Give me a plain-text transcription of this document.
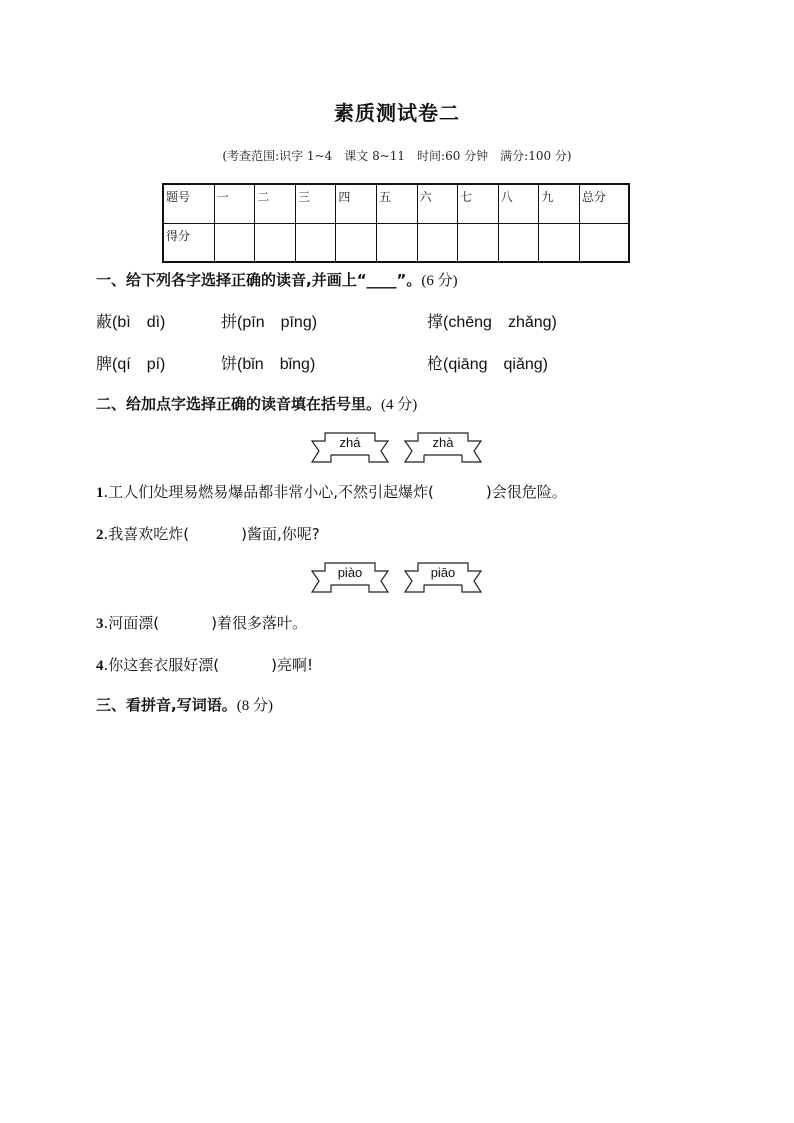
素质测试卷二
(考查范围:识字 1~4　课文 8~11　时间:60 分钟　满分:100 分)
题号	一	二	三	四	五	六	七	八	九	总分
得分										
一、给下列各字选择正确的读音,并画上“____”。(6 分)
蔽(bì　dì)	拼(pīn　pīng)	撑(chēng　zhǎng)
脾(qí　pí)	饼(bǐn　bǐng)	枪(qiāng　qiǎng)
二、给加点字选择正确的读音填在括号里。(4 分)
zhá	zhà
1.工人们处理易燃易爆品都非常小心,不然引起爆炸(	)会很危险。
2.我喜欢吃炸(	)酱面,你呢?
piào	piāo
3.河面漂(	)着很多落叶。
4.你这套衣服好漂(	)亮啊!
三、看拼音,写词语。(8 分)
